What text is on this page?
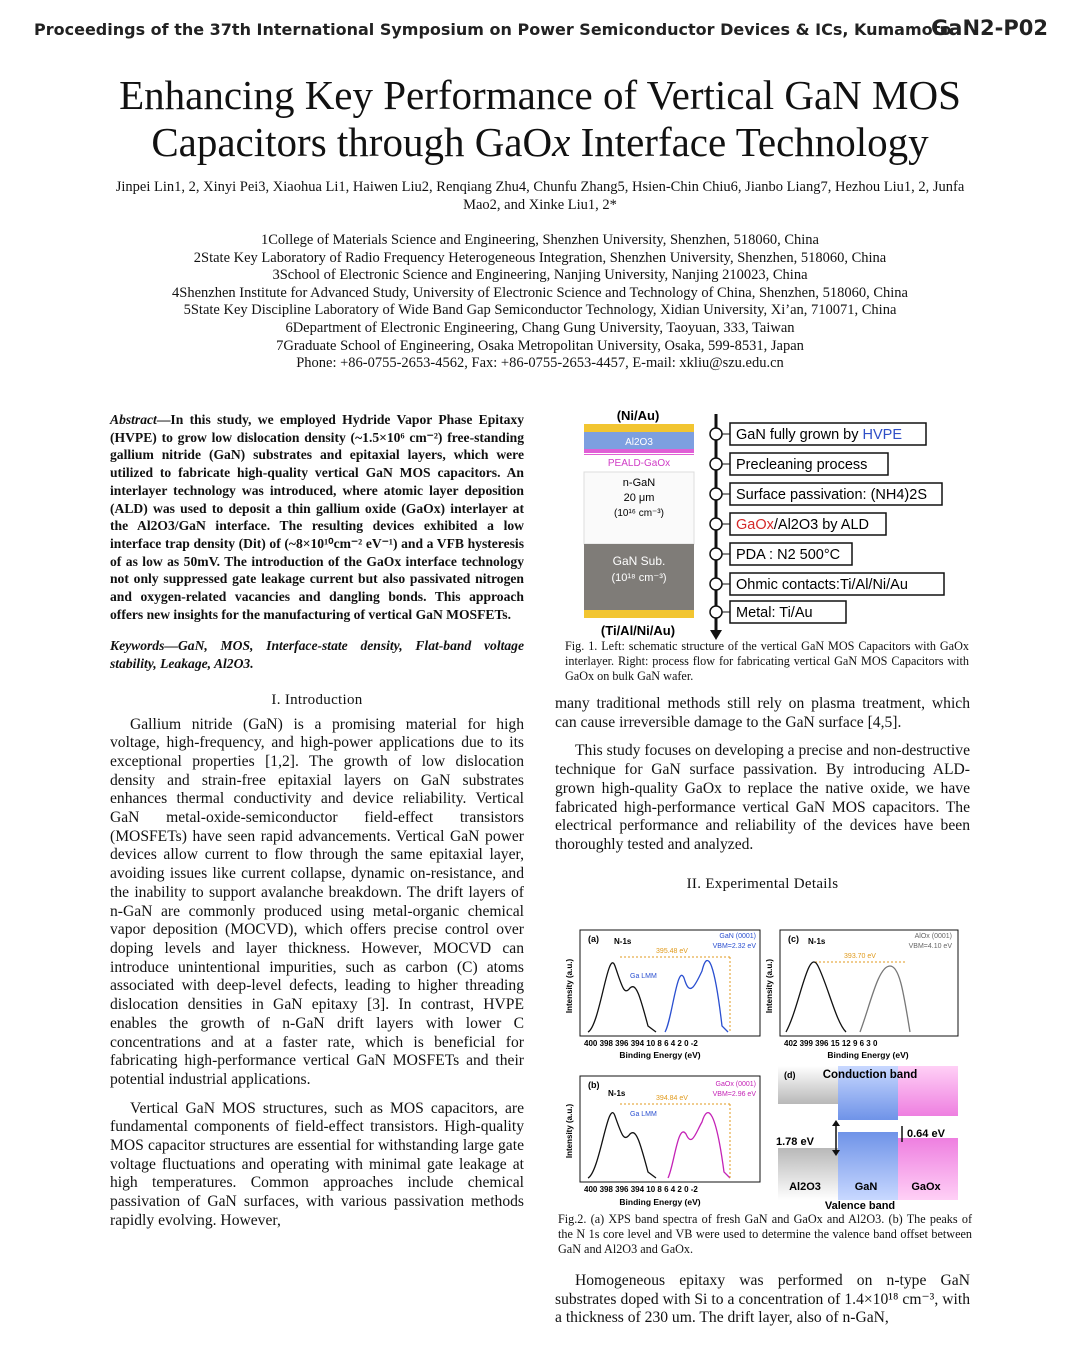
Proceedings of the 37th International Symposium on Power Semiconductor Devices & ICs, Kumamoto
GaN2-P02
Enhancing Key Performance of Vertical GaN MOS
Capacitors through GaOx Interface Technology
Jinpei Lin1, 2, Xinyi Pei3, Xiaohua Li1, Haiwen Liu2, Renqiang Zhu4, Chunfu Zhang5, Hsien-Chin Chiu6, Jianbo Liang7, Hezhou Liu1, 2, Junfa Mao2, and Xinke Liu1, 2*
1College of Materials Science and Engineering, Shenzhen University, Shenzhen, 518060, China
2State Key Laboratory of Radio Frequency Heterogeneous Integration, Shenzhen University, Shenzhen, 518060, China
3School of Electronic Science and Engineering, Nanjing University, Nanjing 210023, China
4Shenzhen Institute for Advanced Study, University of Electronic Science and Technology of China, Shenzhen, 518060, China
5State Key Discipline Laboratory of Wide Band Gap Semiconductor Technology, Xidian University, Xi’an, 710071, China
6Department of Electronic Engineering, Chang Gung University, Taoyuan, 333, Taiwan
7Graduate School of Engineering, Osaka Metropolitan University, Osaka, 599-8531, Japan
Phone: +86-0755-2653-4562, Fax: +86-0755-2653-4457, E-mail: xkliu@szu.edu.cn
Abstract—In this study, we employed Hydride Vapor Phase Epitaxy (HVPE) to grow low dislocation density (~1.5×10⁶ cm⁻²) free-standing gallium nitride (GaN) substrates and epitaxial layers, which were utilized to fabricate high-quality vertical GaN MOS capacitors. An interlayer technology was introduced, where atomic layer deposition (ALD) was used to deposit a thin gallium oxide (GaOx) interlayer at the Al2O3/GaN interface. The resulting devices exhibited a low interface trap density (Dit) of (~8×10¹⁰cm⁻² eV⁻¹) and a VFB hysteresis of as low as 50mV. The introduction of the GaOx interface technology not only suppressed gate leakage current but also passivated nitrogen and oxygen-related vacancies and dangling bonds. This approach offers new insights for the manufacturing of vertical GaN MOSFETs.
Keywords—GaN, MOS, Interface-state density, Flat-band voltage stability, Leakage, Al2O3.
I. Introduction

Gallium nitride (GaN) is a promising material for high voltage, high-frequency, and high-power applications due to its exceptional properties [1,2]. The growth of low dislocation density and strain-free epitaxial layers on GaN substrates enhances thermal conductivity and device reliability. Vertical GaN metal-oxide-semiconductor field-effect transistors (MOSFETs) have seen rapid advancements. Vertical GaN power devices allow current to flow through the same epitaxial layer, avoiding issues like current collapse, dynamic on-resistance, and the inability to support avalanche breakdown. The drift layers of n-GaN are commonly produced using metal-organic chemical vapor deposition (MOCVD), which offers precise control over doping levels and layer thickness. However, MOCVD can introduce unintentional impurities, such as carbon (C) atoms associated with deep-level defects, leading to higher threading dislocation densities in GaN epitaxy [3]. In contrast, HVPE enables the growth of n-GaN drift layers with lower C concentrations and at a faster rate, which is beneficial for fabricating high-performance vertical GaN MOSFETs and their potential industrial applications.

Vertical GaN MOS structures, such as MOS capacitors, are fundamental components of field-effect transistors. High-quality MOS capacitor structures are essential for withstanding large gate voltage fluctuations and operating with minimal gate leakage at high temperatures. Common approaches include chemical passivation of GaN surfaces, with various passivation methods rapidly evolving. However,

(Ni/Au)
Al2O3
PEALD-GaOx
n-GaN
20 μm
(10¹⁶ cm⁻³)
GaN Sub.
(10¹⁸ cm⁻³)
(Ti/Al/Ni/Au)
GaN fully grown by HVPE
Precleaning process
Surface passivation: (NH4)2S
GaOx/Al2O3 by ALD
PDA : N2 500°C
Ohmic contacts:Ti/Al/Ni/Au
Metal: Ti/Au
Fig. 1. Left: schematic structure of the vertical GaN MOS Capacitors with GaOx interlayer. Right: process flow for fabricating vertical GaN MOS Capacitors with GaOx on bulk GaN wafer.

many traditional methods still rely on plasma treatment, which can cause irreversible damage to the GaN surface [4,5].

This study focuses on developing a precise and non-destructive technique for GaN surface passivation. By introducing ALD-grown high-quality GaOx to replace the native oxide, we have fabricated high-performance vertical GaN MOS capacitors. The electrical performance and reliability of the devices have been thoroughly tested and analyzed.

II. Experimental Details
(a) N-1s
GaN (0001)
VBM=2.32 eV
395.48 eV
Ga LMM
400 398 396 394 10 8 6 4 2 0 -2
Binding Energy (eV)
Intensity (a.u.)
(c) N-1s
AlOx (0001)
VBM=4.10 eV
393.70 eV
402 399 396 15 12 9 6 3 0
Binding Energy (eV)
Intensity (a.u.)
(b)
N-1s
GaOx (0001)
VBM=2.96 eV
394.84 eV
Ga LMM
400 398 396 394 10 8 6 4 2 0 -2
Binding Energy (eV)
Intensity (a.u.)
(d) Conduction band
1.78 eV
0.64 eV
Al2O3	GaN	GaOx
Valence band
Fig.2. (a) XPS band spectra of fresh GaN and GaOx and Al2O3. (b) The peaks of the N 1s core level and VB were used to determine the valence band offset between GaN and Al2O3 and GaOx.

Homogeneous epitaxy was performed on n-type GaN substrates doped with Si to a concentration of 1.4×10¹⁸ cm⁻³, with a thickness of 230 um. The drift layer, also of n-GaN,
